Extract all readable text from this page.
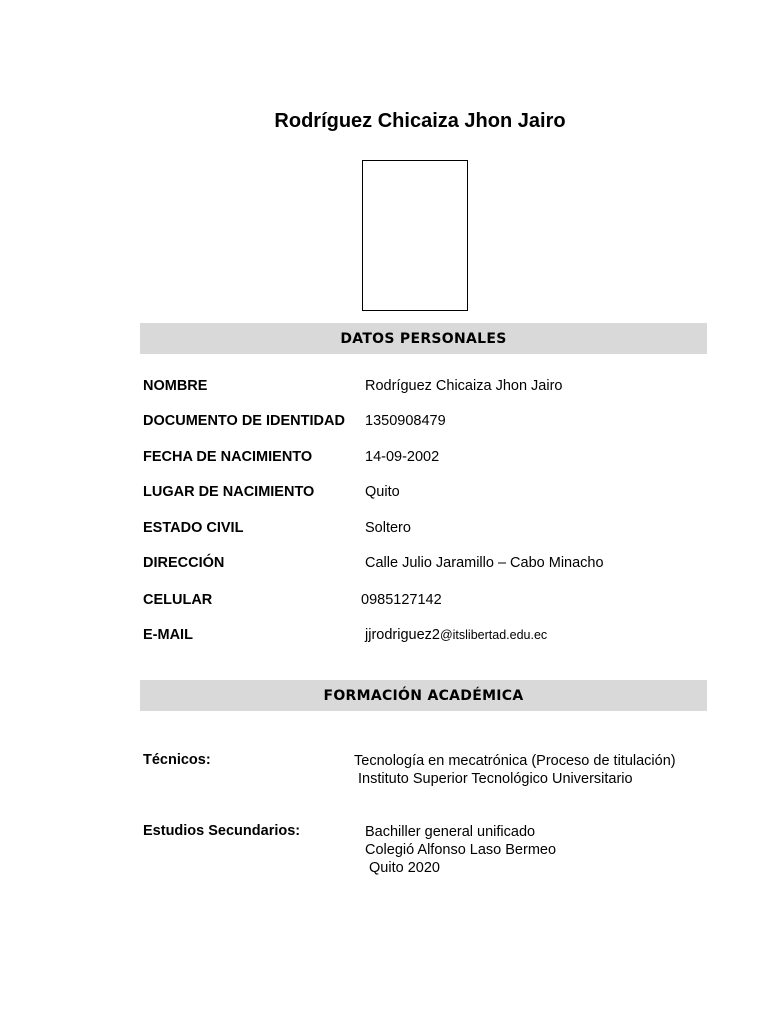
Rodríguez Chicaiza Jhon Jairo
DATOS PERSONALES
NOMBRE	Rodríguez Chicaiza Jhon Jairo
DOCUMENTO DE IDENTIDAD 1350908479
FECHA DE NACIMIENTO	14-09-2002
LUGAR DE NACIMIENTO	Quito
ESTADO CIVIL	Soltero
DIRECCIÓN	Calle Julio Jaramillo – Cabo Minacho
CELULAR	0985127142
E-MAIL	jjrodriguez2@itslibertad.edu.ec
FORMACIÓN ACADÉMICA
Técnicos:	Tecnología en mecatrónica (Proceso de titulación)
Instituto Superior Tecnológico Universitario
Estudios Secundarios:	Bachiller general unificado
Colegió Alfonso Laso Bermeo
Quito 2020
